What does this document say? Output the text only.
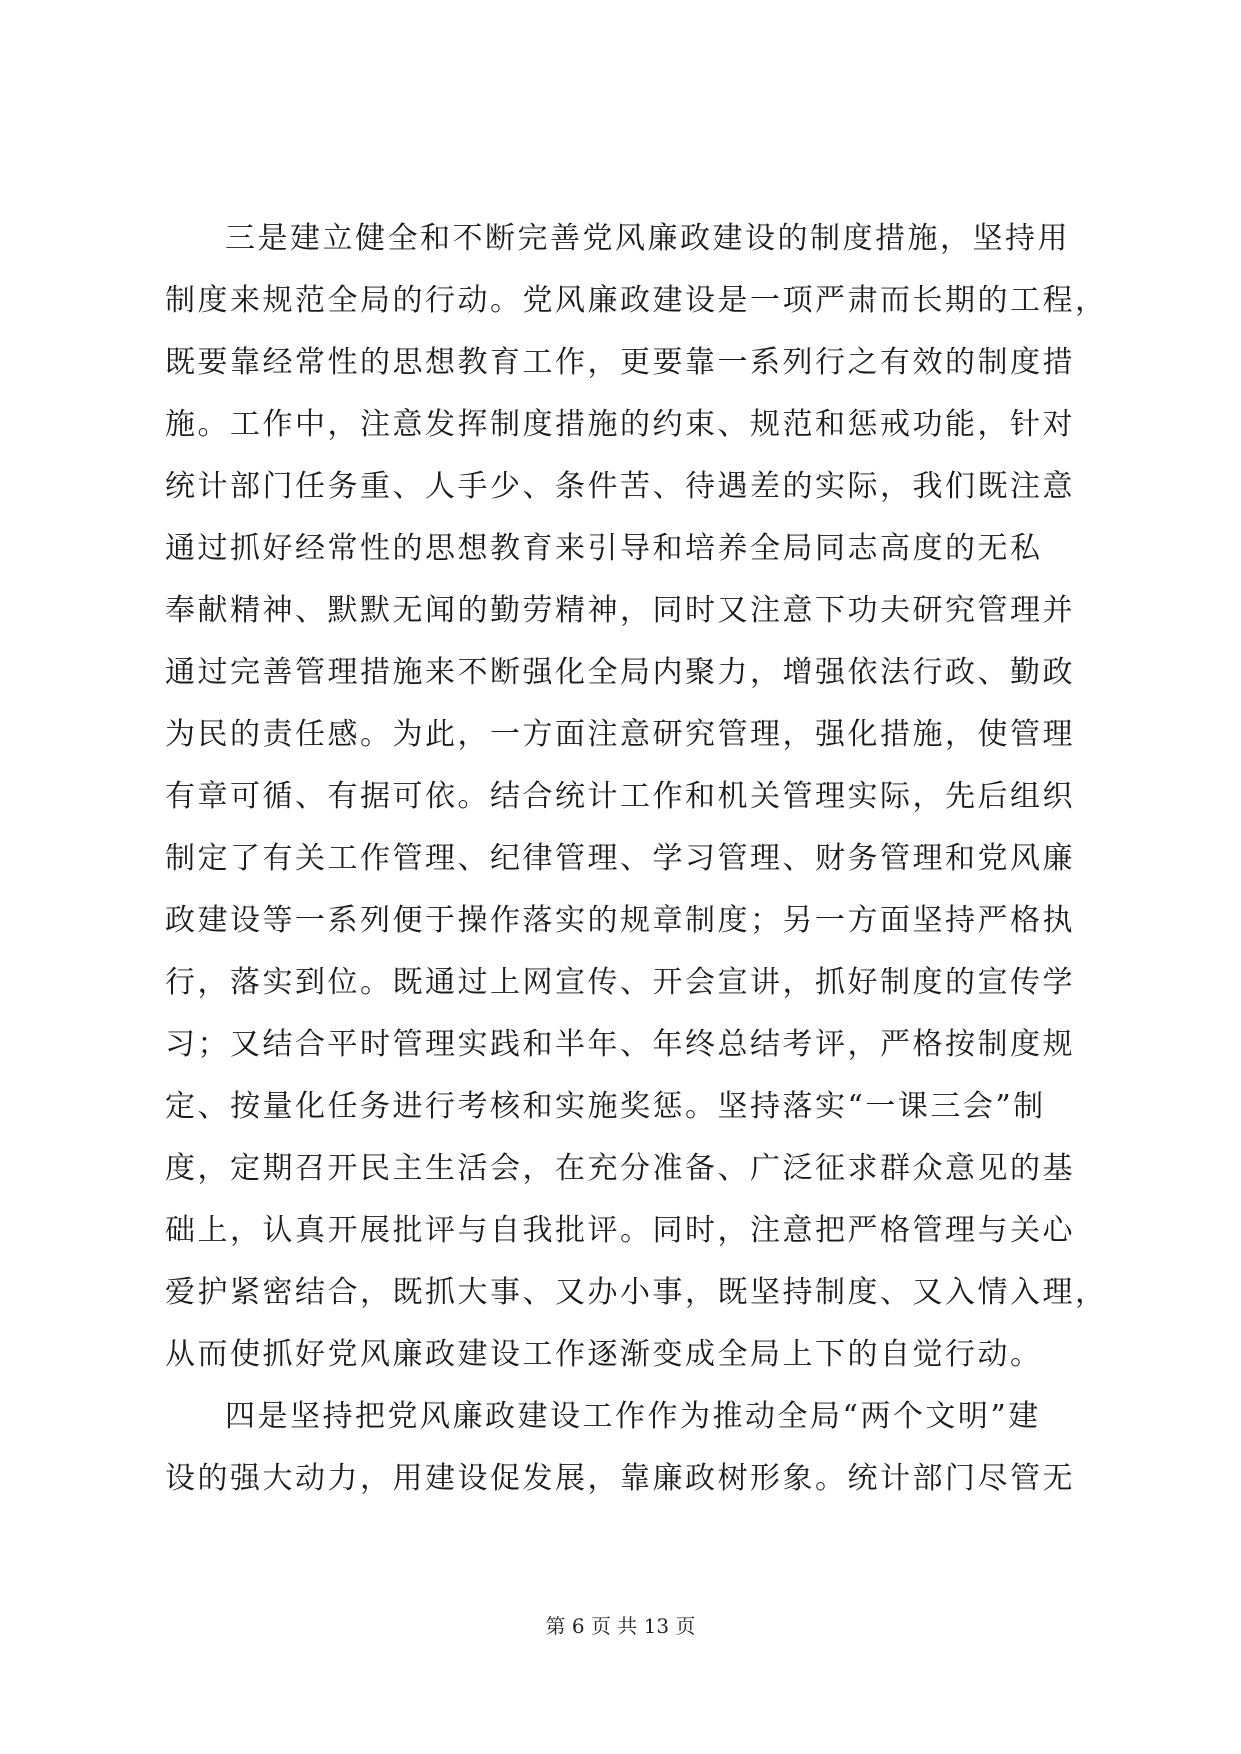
三是建立健全和不断完善党风廉政建设的制度措施，坚持用
制度来规范全局的行动。党风廉政建设是一项严肃而长期的工程，
既要靠经常性的思想教育工作，更要靠一系列行之有效的制度措
施。工作中，注意发挥制度措施的约束、规范和惩戒功能，针对
统计部门任务重、人手少、条件苦、待遇差的实际，我们既注意
通过抓好经常性的思想教育来引导和培养全局同志高度的无私
奉献精神、默默无闻的勤劳精神，同时又注意下功夫研究管理并
通过完善管理措施来不断强化全局内聚力，增强依法行政、勤政
为民的责任感。为此，一方面注意研究管理，强化措施，使管理
有章可循、有据可依。结合统计工作和机关管理实际，先后组织
制定了有关工作管理、纪律管理、学习管理、财务管理和党风廉
政建设等一系列便于操作落实的规章制度；另一方面坚持严格执
行，落实到位。既通过上网宣传、开会宣讲，抓好制度的宣传学
习；又结合平时管理实践和半年、年终总结考评，严格按制度规
定、按量化任务进行考核和实施奖惩。坚持落实“一课三会”制
度，定期召开民主生活会，在充分准备、广泛征求群众意见的基
础上，认真开展批评与自我批评。同时，注意把严格管理与关心
爱护紧密结合，既抓大事、又办小事，既坚持制度、又入情入理，
从而使抓好党风廉政建设工作逐渐变成全局上下的自觉行动。
四是坚持把党风廉政建设工作作为推动全局“两个文明”建
设的强大动力，用建设促发展，靠廉政树形象。统计部门尽管无
第 6 页 共 13 页
